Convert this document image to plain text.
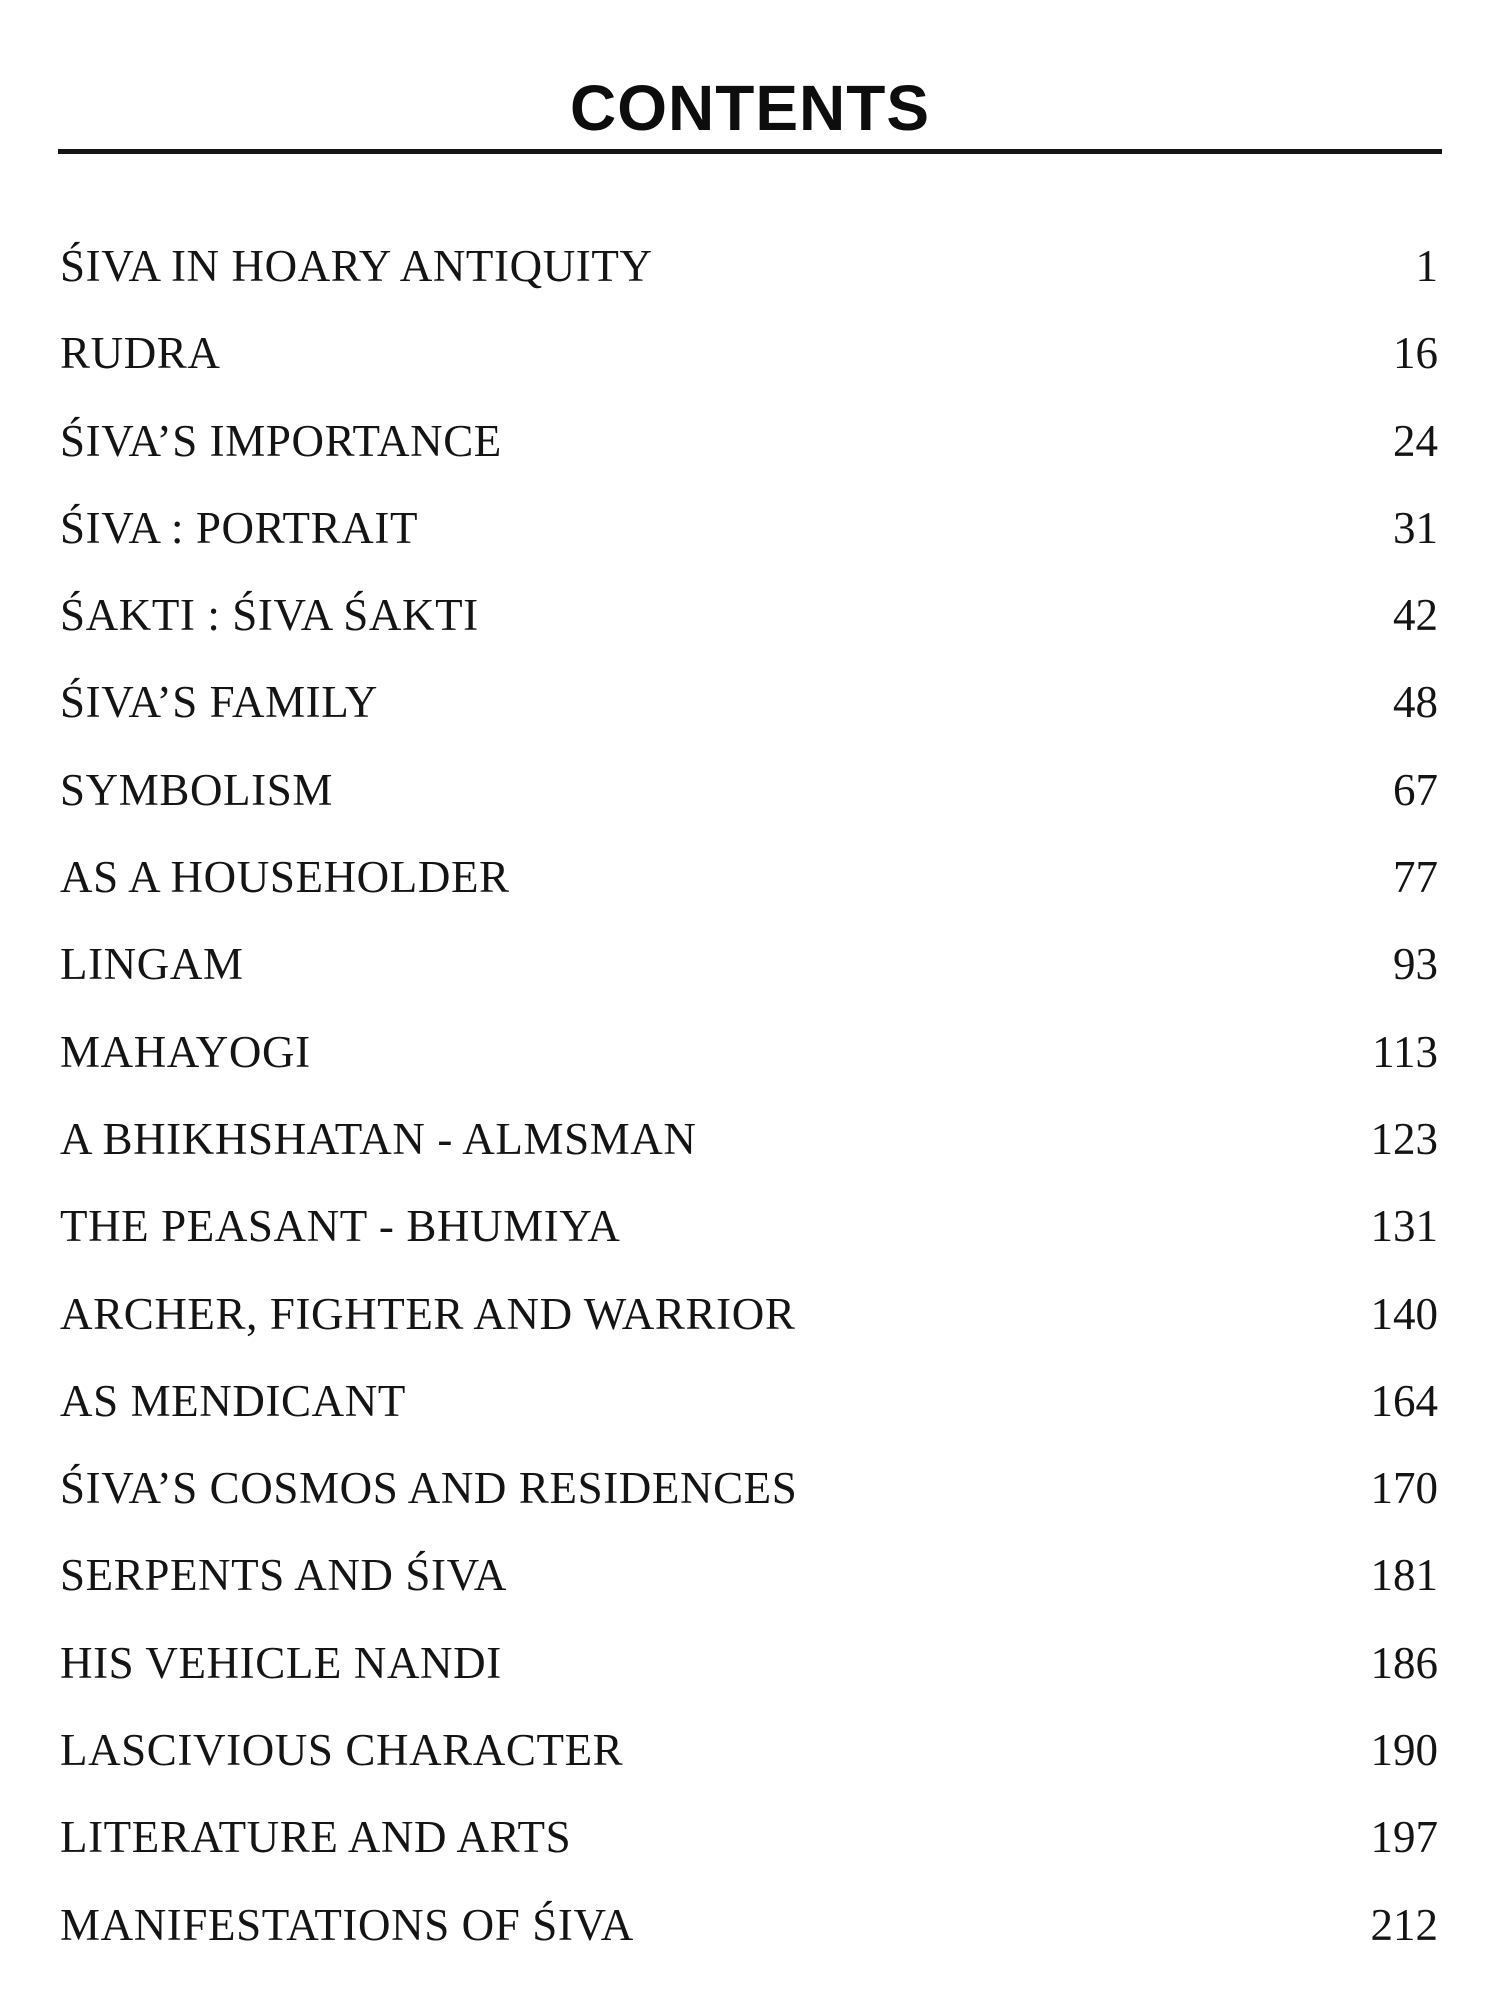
CONTENTS
ŚIVA IN HOARY ANTIQUITY	1
RUDRA	16
ŚIVA’S IMPORTANCE	24
ŚIVA : PORTRAIT	31
ŚAKTI : ŚIVA ŚAKTI	42
ŚIVA’S FAMILY	48
SYMBOLISM	67
AS A HOUSEHOLDER	77
LINGAM	93
MAHAYOGI	113
A BHIKHSHATAN - ALMSMAN	123
THE PEASANT - BHUMIYA	131
ARCHER, FIGHTER AND WARRIOR	140
AS MENDICANT	164
ŚIVA’S COSMOS AND RESIDENCES	170
SERPENTS AND ŚIVA	181
HIS VEHICLE NANDI	186
LASCIVIOUS CHARACTER	190
LITERATURE AND ARTS	197
MANIFESTATIONS OF ŚIVA	212
